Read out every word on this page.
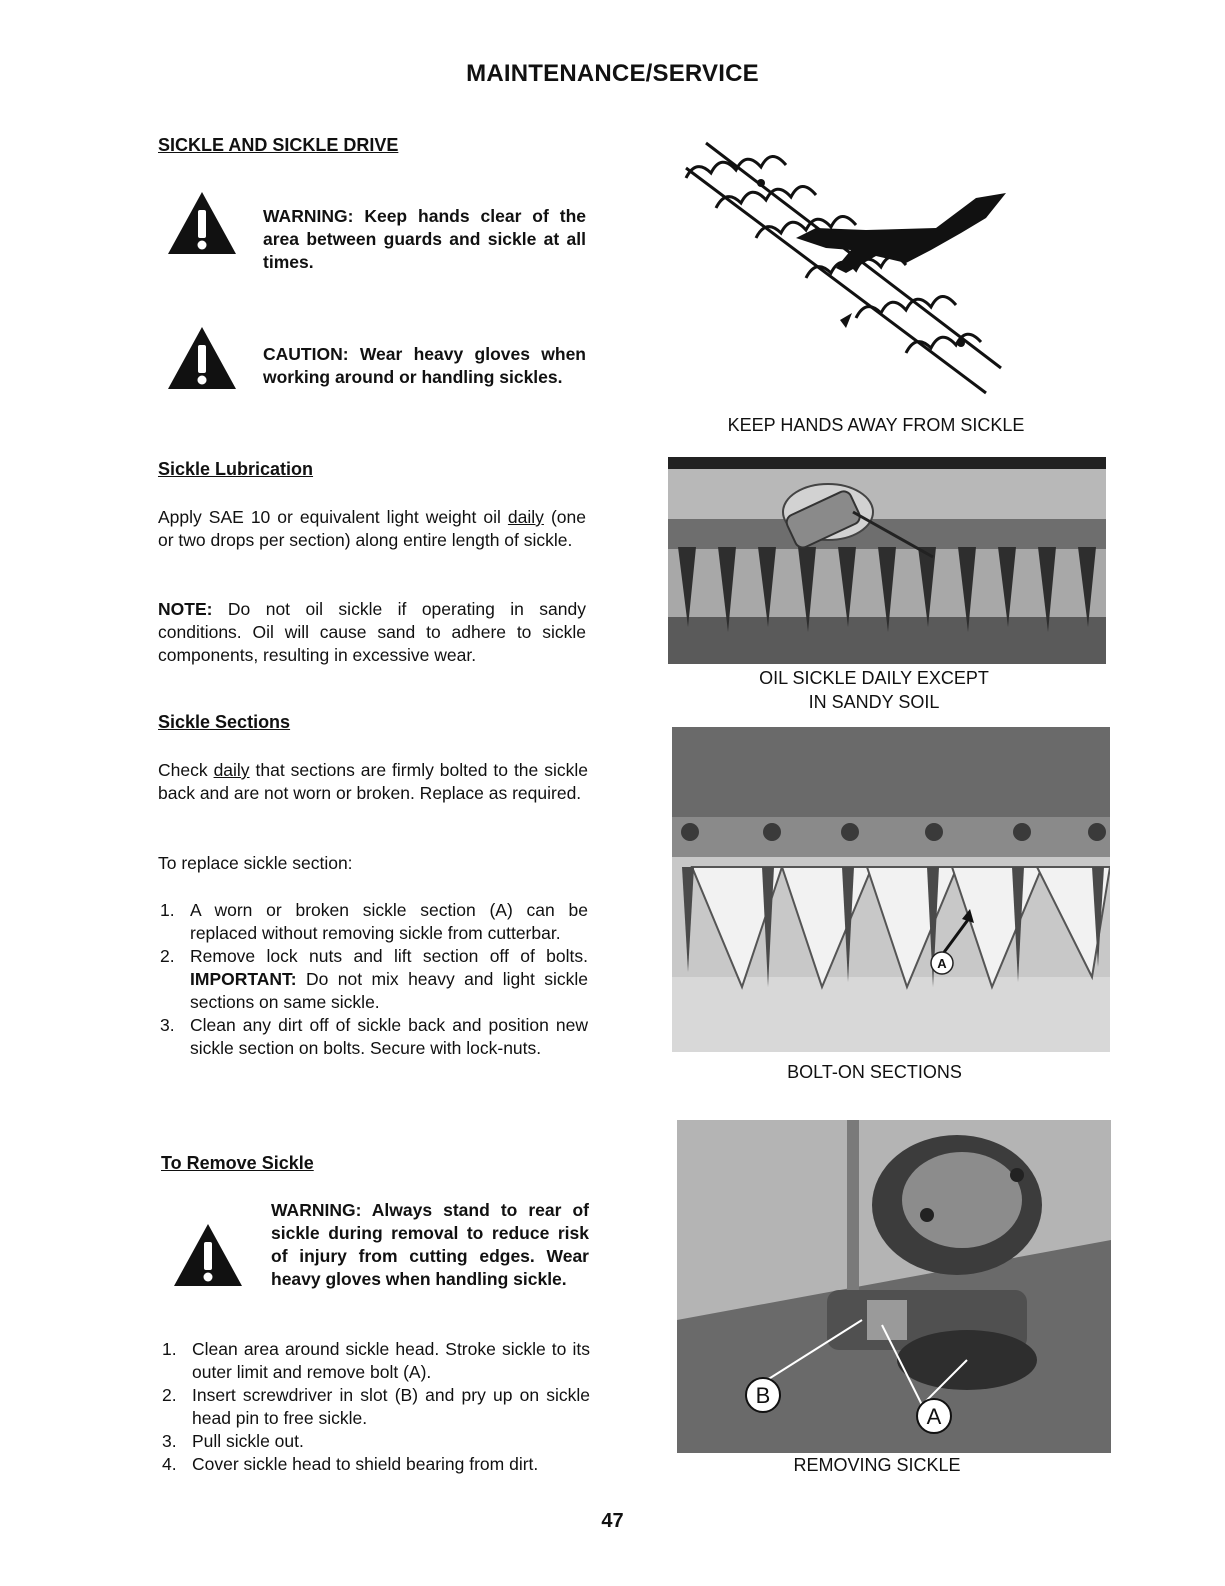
MAINTENANCE/SERVICE
SICKLE AND SICKLE DRIVE
WARNING: Keep hands clear of the area between guards and sickle at all times.
CAUTION: Wear heavy gloves when working around or handling sickles.
Sickle Lubrication
Apply SAE 10 or equivalent light weight oil daily (one or two drops per section) along entire length of sickle.
NOTE: Do not oil sickle if operating in sandy conditions. Oil will cause sand to adhere to sickle components, resulting in excessive wear.
Sickle Sections
Check daily that sections are firmly bolted to the sickle back and are not worn or broken. Replace as required.
To replace sickle section:
1. A worn or broken sickle section (A) can be replaced without removing sickle from cutterbar.
2. Remove lock nuts and lift section off of bolts. IMPORTANT: Do not mix heavy and light sickle sections on same sickle.
3. Clean any dirt off of sickle back and position new sickle section on bolts. Secure with lock-nuts.
To Remove Sickle
WARNING: Always stand to rear of sickle during removal to reduce risk of injury from cutting edges. Wear heavy gloves when handling sickle.
1. Clean area around sickle head. Stroke sickle to its outer limit and remove bolt (A).
2. Insert screwdriver in slot (B) and pry up on sickle head pin to free sickle.
3. Pull sickle out.
4. Cover sickle head to shield bearing from dirt.
KEEP HANDS AWAY FROM SICKLE
OIL SICKLE DAILY EXCEPT
IN SANDY SOIL
A
BOLT-ON SECTIONS
B
A
REMOVING SICKLE
47
